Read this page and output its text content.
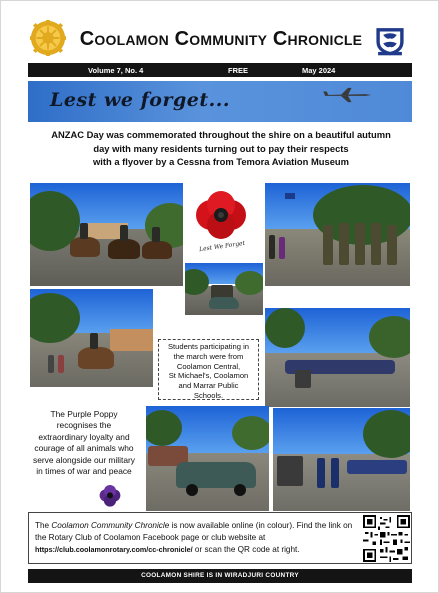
Coolamon Community Chronicle
Volume 7, No. 4	FREE	May 2024
Lest we forget...
ANZAC Day was commemorated throughout the shire on a beautiful autumn
day with many residents turning out to pay their respects
with a flyover by a Cessna from Temora Aviation Museum
Lest We Forget
Students participating in
the march were from
Coolamon Central,
St Michael's, Coolamon
and Marrar Public
Schools.
The Purple Poppy
recognises the
extraordinary loyalty and
courage of all animals who
serve alongside our military
in times of war and peace
The Coolamon Community Chronicle is now available online (in colour). Find the link on the Rotary Club of Coolamon Facebook page or club website at https://club.coolamonrotary.com/cc-chronicle/ or scan the QR code at right.
COOLAMON SHIRE IS IN WIRADJURI COUNTRY
